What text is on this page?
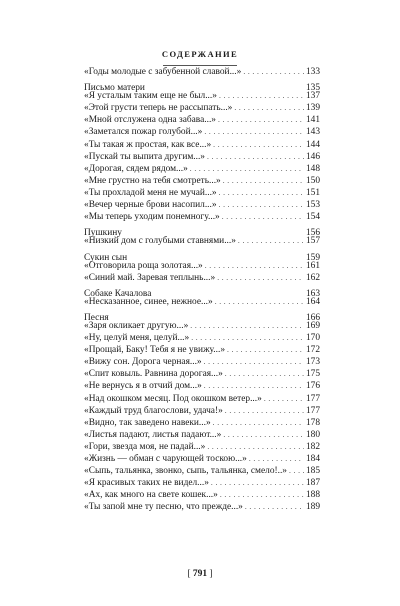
СОДЕРЖАНИЕ
«Годы молодые с забубенной славой...» . . .	133
Письмо матери	135
«Я усталым таким еще не был...» . . .	137
«Этой грусти теперь не рассыпать...» . . .	139
«Мной отслужена одна забава...» . . .	141
«Заметался пожар голубой...» . . .	143
«Ты такая ж простая, как все...» . . .	144
«Пускай ты выпита другим...» . . .	146
«Дорогая, сядем рядом...» . . .	148
«Мне грустно на тебя смотреть...» . . .	150
«Ты прохладой меня не мучай...» . . .	151
«Вечер черные брови насопил...» . . .	153
«Мы теперь уходим понемногу...» . . .	154
Пушкину	156
«Низкий дом с голубыми ставнями...» . . .	157
Сукин сын	159
«Отговорила роща золотая...» . . .	161
«Синий май. Заревая теплынь...» . . .	162
Собаке Качалова	163
«Несказанное, синее, нежное...» . . .	164
Песня	166
«Заря окликает другую...» . . .	169
«Ну, целуй меня, целуй...» . . .	170
«Прощай, Баку! Тебя я не увижу...» . . .	172
«Вижу сон. Дорога черная...» . . .	173
«Спит ковыль. Равнина дорогая...» . . .	175
«Не вернусь я в отчий дом...» . . .	176
«Над окошком месяц. Под окошком ветер...» . . .	177
«Каждый труд благослови, удача!» . . .	177
«Видно, так заведено навеки...» . . .	178
«Листья падают, листья падают...» . . .	180
«Гори, звезда моя, не падай...» . . .	182
«Жизнь — обман с чарующей тоскою...» . . .	184
«Сыпь, тальянка, звонко, сыпь, тальянка, смело!..» . . . 185
«Я красивых таких не видел...» . . .	187
«Ах, как много на свете кошек...» . . .	188
«Ты запой мне ту песню, что прежде...» . . .	189
[ 791 ]
